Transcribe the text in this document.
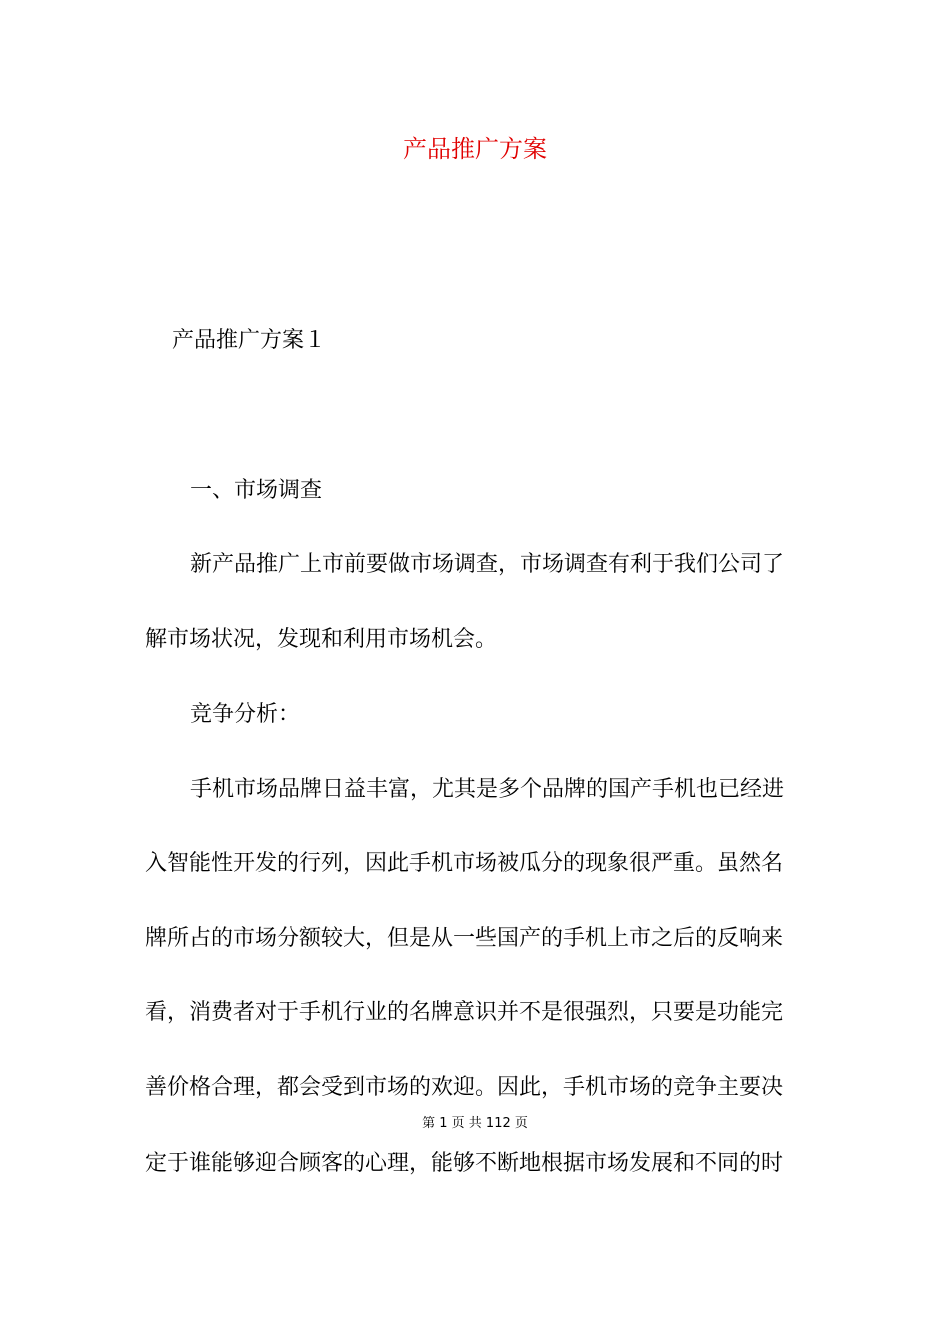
产品推广方案
产品推广方案１
一、市场调查
新产品推广上市前要做市场调查，市场调查有利于我们公司了
解市场状况，发现和利用市场机会。
竞争分析：
手机市场品牌日益丰富，尤其是多个品牌的国产手机也已经进
入智能性开发的行列，因此手机市场被瓜分的现象很严重。虽然名
牌所占的市场分额较大，但是从一些国产的手机上市之后的反响来
看，消费者对于手机行业的名牌意识并不是很强烈，只要是功能完
善价格合理，都会受到市场的欢迎。因此，手机市场的竞争主要决
第 1 页 共 112 页
定于谁能够迎合顾客的心理，能够不断地根据市场发展和不同的时
